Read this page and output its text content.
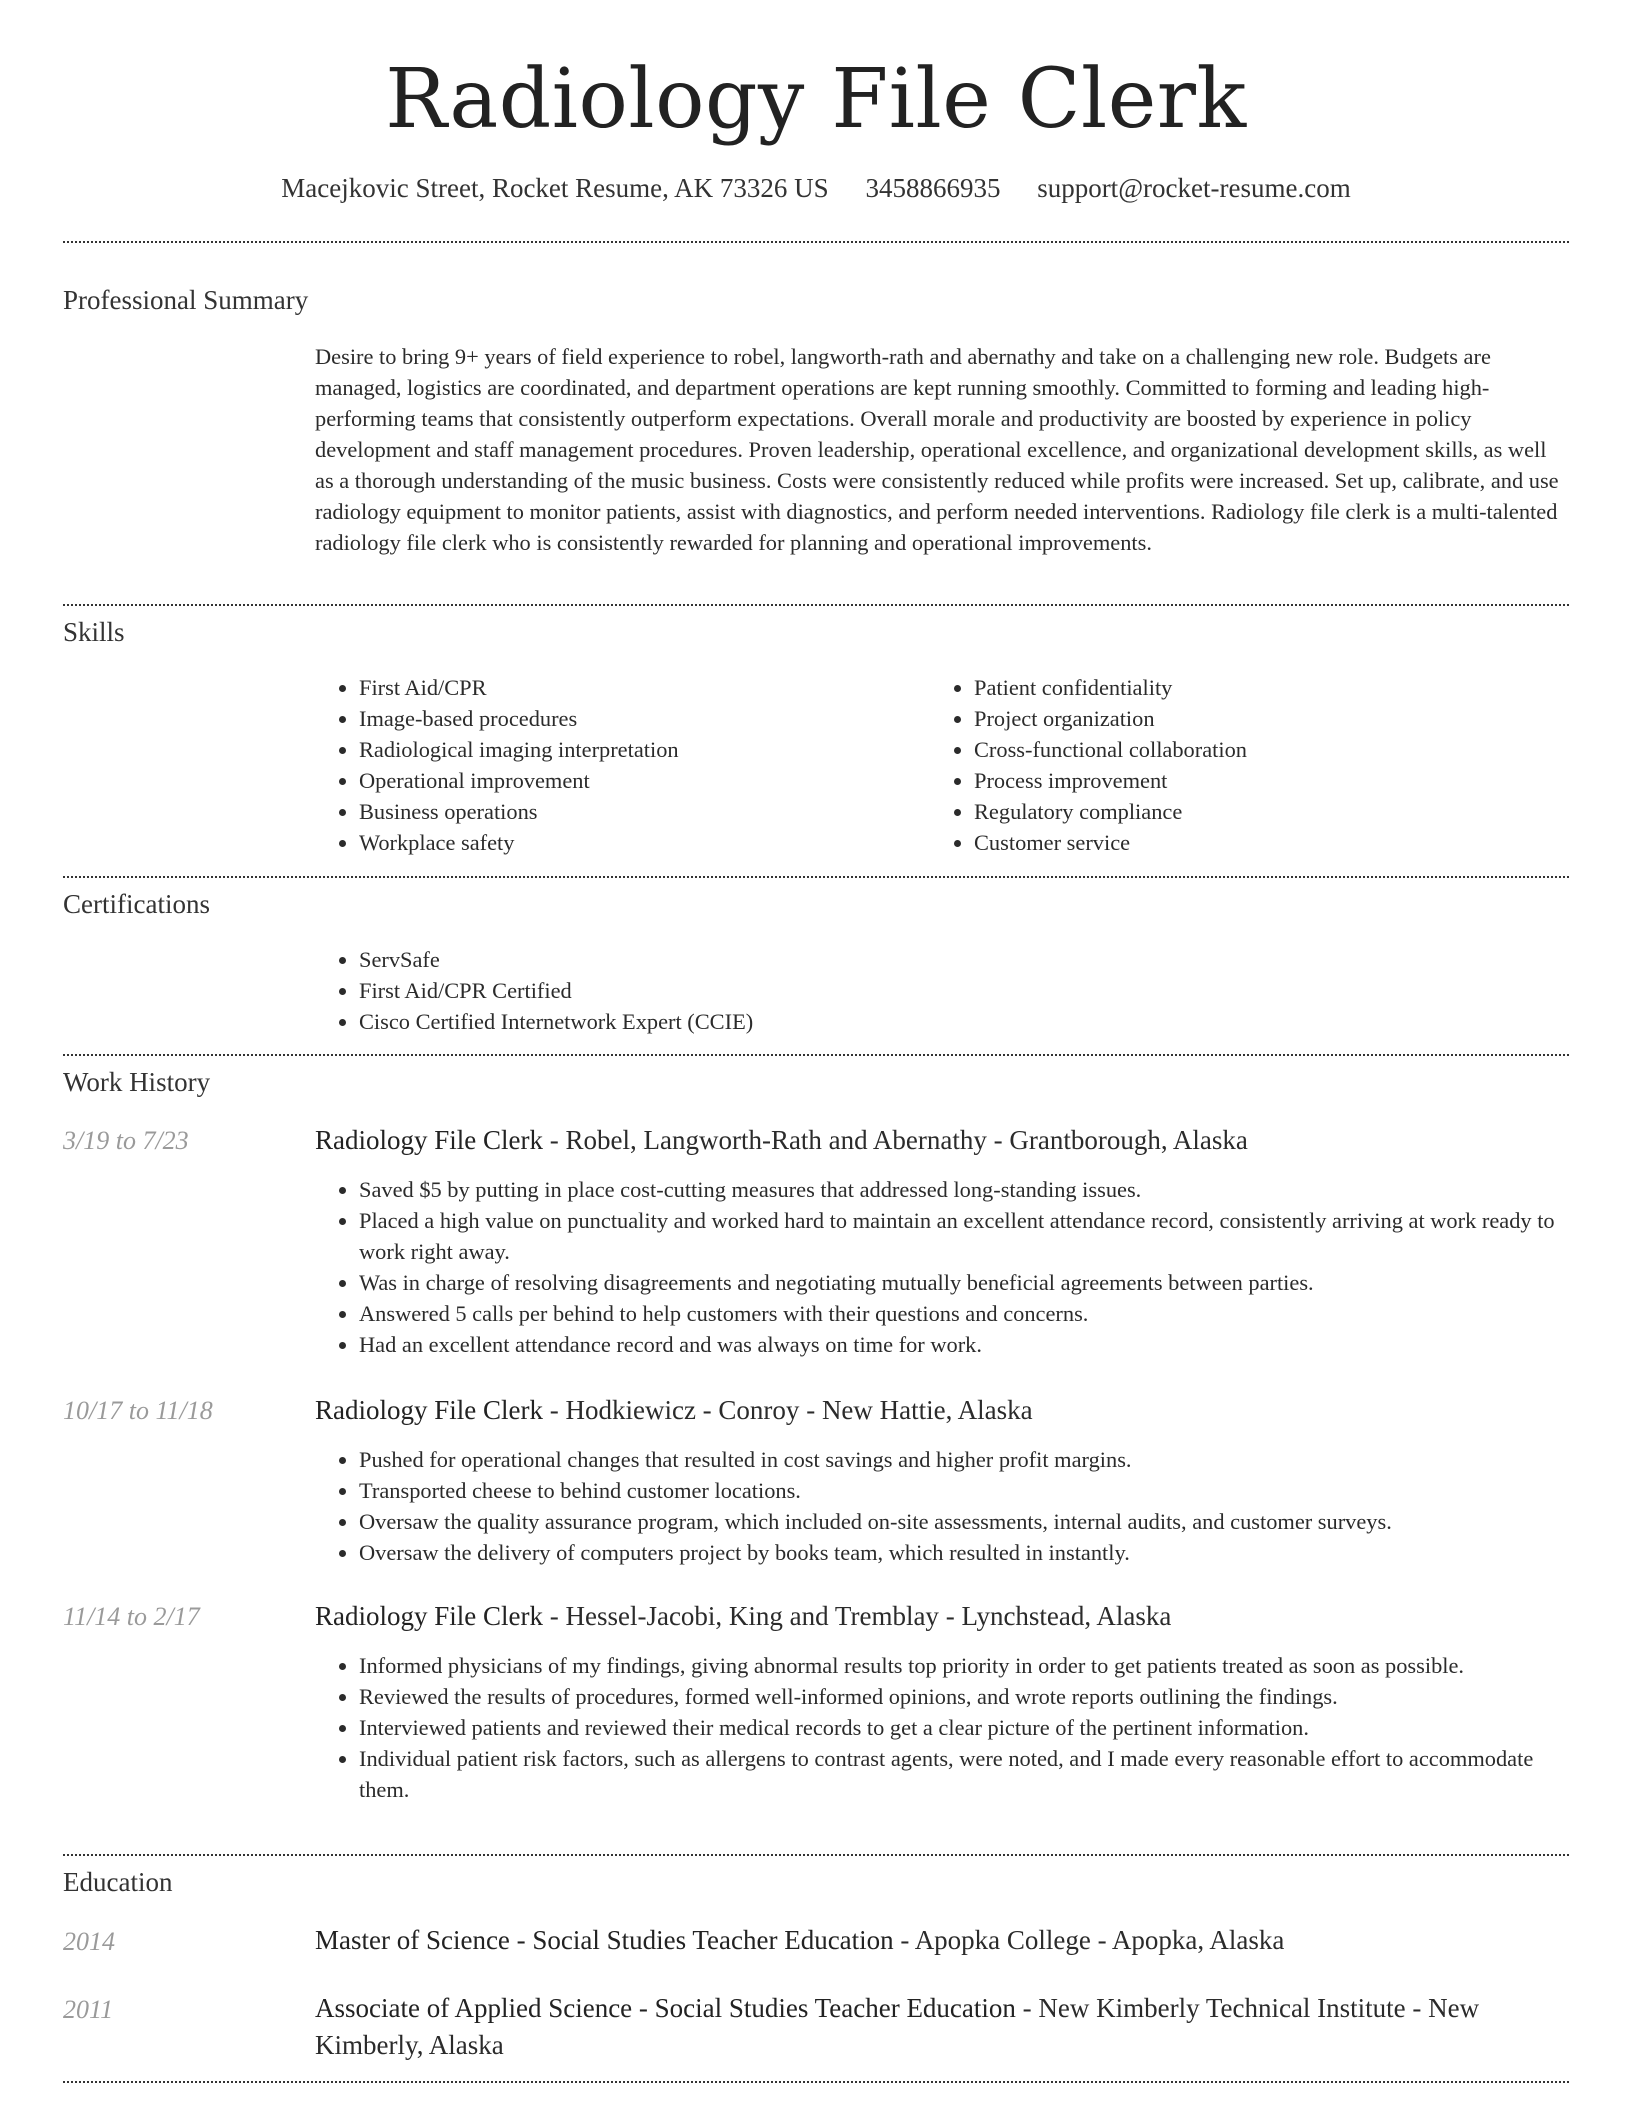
Radiology File Clerk
Macejkovic Street, Rocket Resume, AK 73326 US 3458866935 support@rocket-resume.com
Professional Summary
Desire to bring 9+ years of field experience to robel, langworth-rath and abernathy and take on a challenging new role. Budgets are managed, logistics are coordinated, and department operations are kept running smoothly. Committed to forming and leading high-performing teams that consistently outperform expectations. Overall morale and productivity are boosted by experience in policy development and staff management procedures. Proven leadership, operational excellence, and organizational development skills, as well as a thorough understanding of the music business. Costs were consistently reduced while profits were increased. Set up, calibrate, and use radiology equipment to monitor patients, assist with diagnostics, and perform needed interventions. Radiology file clerk is a multi-talented radiology file clerk who is consistently rewarded for planning and operational improvements.
Skills
• First Aid/CPR
• Image-based procedures
• Radiological imaging interpretation
• Operational improvement
• Business operations
• Workplace safety
• Patient confidentiality
• Project organization
• Cross-functional collaboration
• Process improvement
• Regulatory compliance
• Customer service
Certifications
• ServSafe
• First Aid/CPR Certified
• Cisco Certified Internetwork Expert (CCIE)
Work History
3/19 to 7/23	Radiology File Clerk - Robel, Langworth-Rath and Abernathy - Grantborough, Alaska
• Saved $5 by putting in place cost-cutting measures that addressed long-standing issues.
• Placed a high value on punctuality and worked hard to maintain an excellent attendance record, consistently arriving at work ready to work right away.
• Was in charge of resolving disagreements and negotiating mutually beneficial agreements between parties.
• Answered 5 calls per behind to help customers with their questions and concerns.
• Had an excellent attendance record and was always on time for work.
10/17 to 11/18	Radiology File Clerk - Hodkiewicz - Conroy - New Hattie, Alaska
• Pushed for operational changes that resulted in cost savings and higher profit margins.
• Transported cheese to behind customer locations.
• Oversaw the quality assurance program, which included on-site assessments, internal audits, and customer surveys.
• Oversaw the delivery of computers project by books team, which resulted in instantly.
11/14 to 2/17	Radiology File Clerk - Hessel-Jacobi, King and Tremblay - Lynchstead, Alaska
• Informed physicians of my findings, giving abnormal results top priority in order to get patients treated as soon as possible.
• Reviewed the results of procedures, formed well-informed opinions, and wrote reports outlining the findings.
• Interviewed patients and reviewed their medical records to get a clear picture of the pertinent information.
• Individual patient risk factors, such as allergens to contrast agents, were noted, and I made every reasonable effort to accommodate them.
Education
2014	Master of Science - Social Studies Teacher Education - Apopka College - Apopka, Alaska
2011	Associate of Applied Science - Social Studies Teacher Education - New Kimberly Technical Institute - New Kimberly, Alaska
